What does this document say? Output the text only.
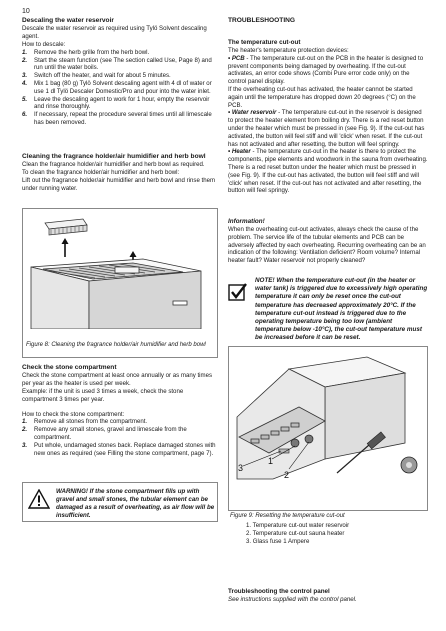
10
Descaling the water reservoir

Descale the water reservoir as required using Tylö Solvent descaling agent.

How to descale:

1. Remove the herb grille from the herb bowl.
2. Start the steam function (see The section called Use, Page 8) and run until the water boils.
3. Switch off the heater, and wait for about 5 minutes.
4. Mix 1 bag (80 g) Tylö Solvent descaling agent with 4 dl of water or use 1 dl Tylö Descaler Domestic/Pro and pour into the water inlet.
5. Leave the descaling agent to work for 1 hour, empty the reservoir and rinse thoroughly.
6. If necessary, repeat the procedure several times until all limescale has been removed.
Cleaning the fragrance holder/air humidifier and herb bowl

Clean the fragrance holder/air humidifier and herb bowl as required.

To clean the fragrance holder/air humidifier and herb bowl:

Lift out the fragrance holder/air humidifier and herb bowl and rinse them under running water.

Figure 8: Cleaning the fragrance holder/air humidifier and herb bowl
Check the stone compartment

Check the stone compartment at least once annually or as many times per year as the heater is used per week.

Example: if the unit is used 3 times a week, check the stone compartment 3 times per year.

How to check the stone compartment:

1. Remove all stones from the compartment.
2. Remove any small stones, gravel and limescale from the compartment.
3. Put whole, undamaged stones back. Replace damaged stones with new ones as required (see Filling the stone compartment, page 7).
WARNING! If the stone compartment fills up with gravel and small stones, the tubular element can be damaged as a result of overheating, as air flow will be insufficient.
TROUBLESHOOTING
The temperature cut-out

The heater's temperature protection devices:

• PCB - The temperature cut-out on the PCB in the heater is designed to prevent components being damaged by overheating. If the cut-out activates, an error code shows (Combi Pure error code only) on the control panel display.

If the overheating cut-out has activated, the heater cannot be started again until the temperature has dropped down 20 degrees (°C) on the PCB.

• Water reservoir - The temperature cut-out in the reservoir is designed to protect the heater element from boiling dry. There is a red reset button under the heater which must be pressed in (see Fig. 9). If the cut-out has activated, the button will feel stiff and will 'click' when reset. If the cut-out has not activated and after resetting, the button will feel springy.

• Heater - The temperature cut-out in the heater is there to protect the components, pipe elements and woodwork in the sauna from overheating. There is a red reset button under the heater which must be pressed in (see Fig. 9). If the cut-out has activated, the button will feel stiff and will 'click' when reset. If the cut-out has not activated and after resetting, the button will feel springy.

Information!

When the overheating cut-out activates, always check the cause of the problem. The service life of the tubular elements and PCB can be adversely affected by each overheating. Recurring overheating can be an indication of the following: Ventilation deficient? Room volume? Internal heater fault? Water reservoir not properly cleaned?

NOTE! When the temperature cut-out (in the heater or water tank) is triggered due to excessively high operating temperature it can only be reset once the cut-out temperature has decreased approximately 20°C. If the temperature cut-out instead is triggered due to the operating temperature being too low (ambient temperature below -10°C), the cut-out temperature must be increased before it can be reset.
3
1
2
Figure 9: Resetting the temperature cut-out
1. Temperature cut-out water reservoir
2. Temperature cut-out sauna heater
3. Glass fuse 1 Ampere
Troubleshooting the control panel

See instructions supplied with the control panel.
